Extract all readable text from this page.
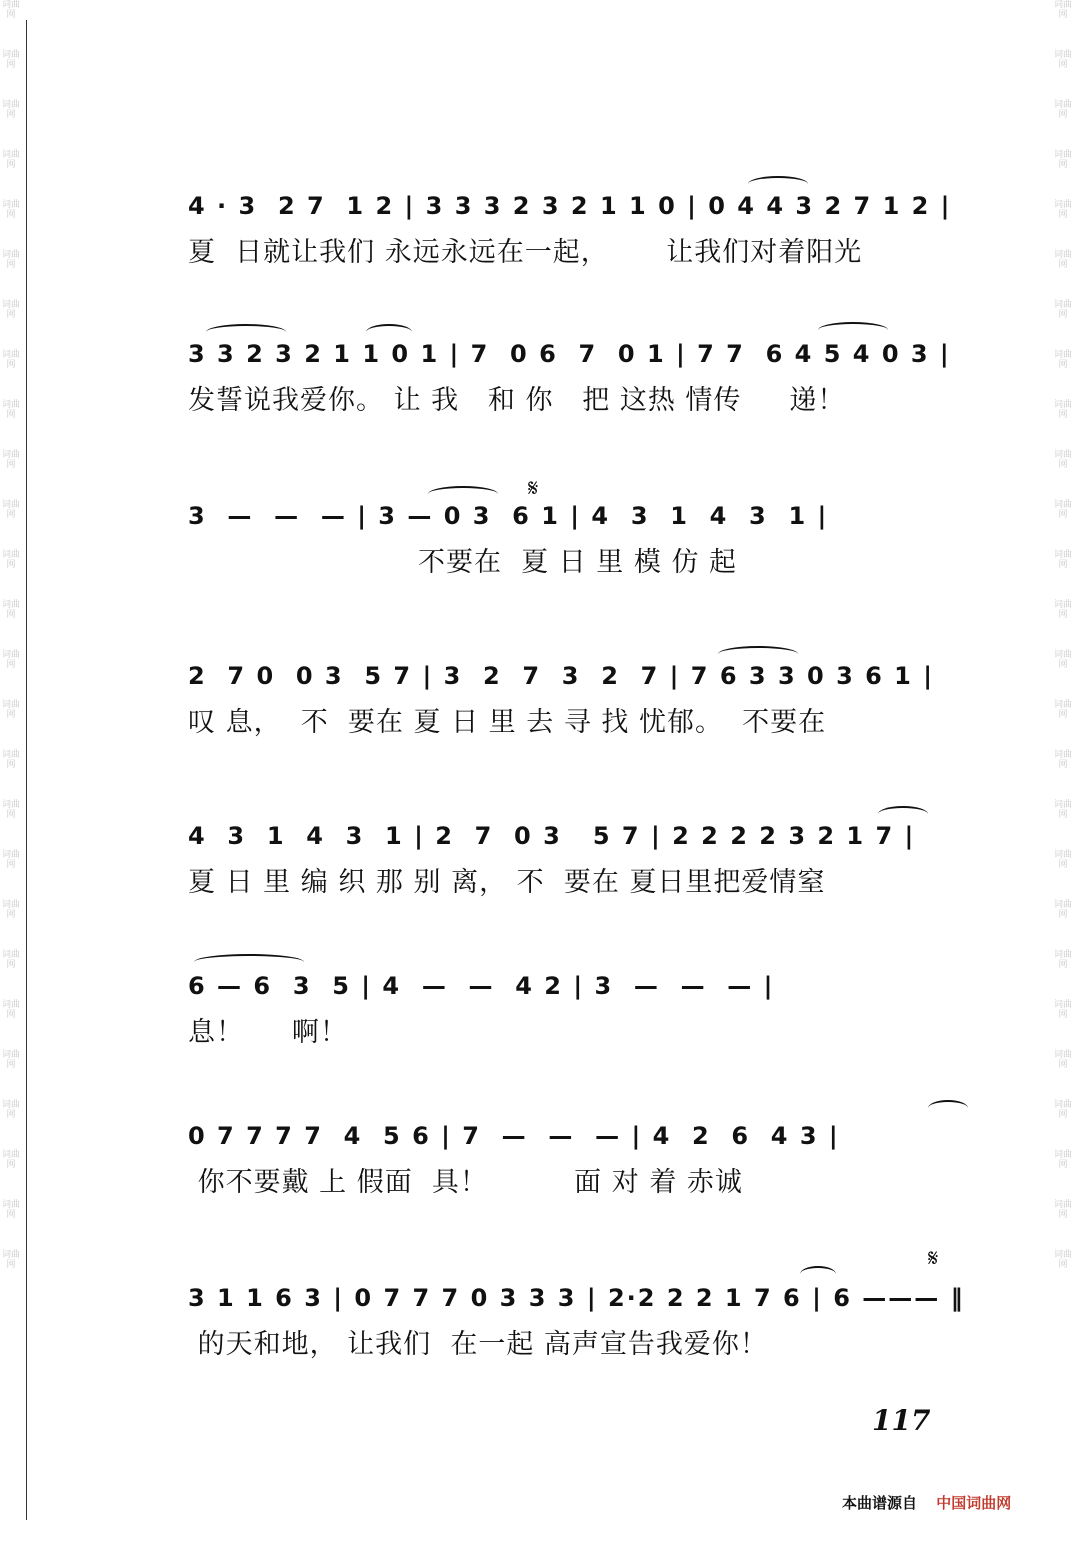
词曲网
词曲网
词曲网
词曲网
词曲网
词曲网
词曲网
词曲网
词曲网
词曲网
词曲网
词曲网
词曲网
词曲网
词曲网
词曲网
词曲网
词曲网
词曲网
词曲网
词曲网
词曲网
词曲网
词曲网
词曲网
词曲网
词曲网
词曲网
词曲网
词曲网
词曲网
词曲网
词曲网
词曲网
词曲网
词曲网
词曲网
词曲网
词曲网
词曲网
词曲网
词曲网
词曲网
词曲网
词曲网
词曲网
词曲网
词曲网
词曲网
词曲网
词曲网
词曲网
4 · 3  2 7  1 2 | 3 3 3 2 3 2 1 1 0 | 0 4 4 3 2 7 1 2 |
夏  日就让我们 永远永远在一起，      让我们对着阳光
3 3 2 3 2 1 1 0 1 | 7  0 6  7  0 1 | 7 7  6 4 5 4 0 3 |
发誓说我爱你。 让 我   和 你   把 这热 情传     递！
3  —  —  — | 3 — 0 3  6 1 | 4  3  1  4  3  1 |
𝄋
不要在  夏 日 里 模 仿 起
2  7 0  0 3  5 7 | 3  2  7  3  2  7 | 7 6 3 3 0 3 6 1 |
叹 息，  不  要在 夏 日 里 去 寻 找 忧郁。  不要在
4  3  1  4  3  1 | 2  7  0 3   5 7 | 2 2 2 2 3 2 1 7 |
夏 日 里 编 织 那 别 离， 不  要在 夏日里把爱情窒
6 — 6  3  5 | 4  —  —  4 2 | 3  —  —  — |
息！     啊！
0 7 7 7 7  4  5 6 | 7  —  —  — | 4  2  6  4 3 |
你不要戴 上 假面  具！         面 对 着 赤诚
3 1 1 6 3 | 0 7 7 7 0 3 3 3 | 2·2 2 2 1 7 6 | 6 ——— ‖
𝄋
的天和地， 让我们  在一起 高声宣告我爱你！
117
本曲谱源自 中国词曲网
